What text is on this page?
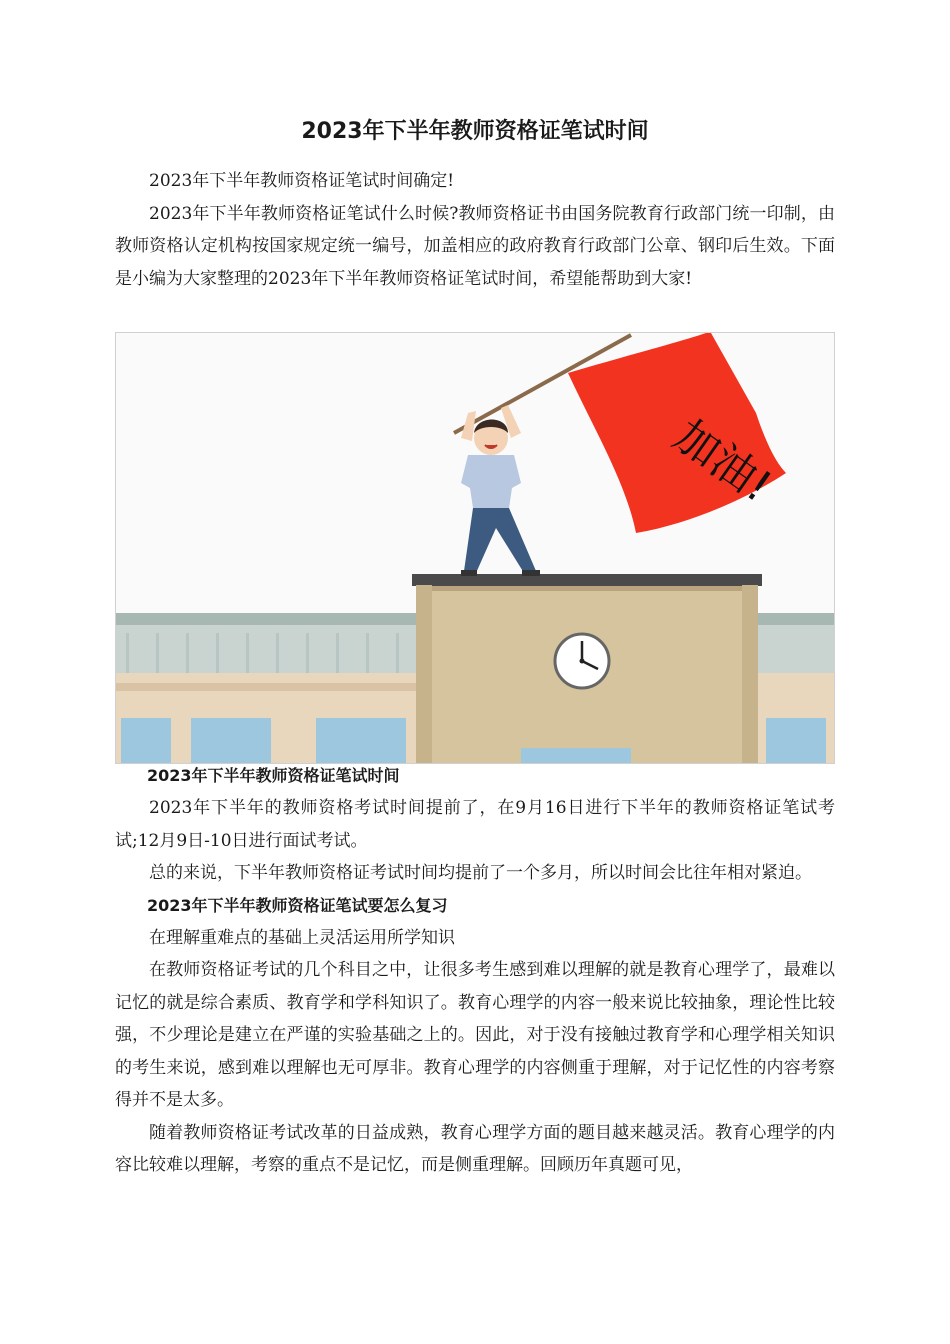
2023年下半年教师资格证笔试时间

2023年下半年教师资格证笔试时间确定!

2023年下半年教师资格证笔试什么时候?教师资格证书由国务院教育行政部门统一印制，由教师资格认定机构按国家规定统一编号，加盖相应的政府教育行政部门公章、钢印后生效。下面是小编为大家整理的2023年下半年教师资格证笔试时间，希望能帮助到大家!

加油!
2023年下半年教师资格证笔试时间

2023年下半年的教师资格考试时间提前了，在9月16日进行下半年的教师资格证笔试考试;12月9日-10日进行面试考试。

总的来说，下半年教师资格证考试时间均提前了一个多月，所以时间会比往年相对紧迫。

2023年下半年教师资格证笔试要怎么复习

在理解重难点的基础上灵活运用所学知识

在教师资格证考试的几个科目之中，让很多考生感到难以理解的就是教育心理学了，最难以记忆的就是综合素质、教育学和学科知识了。教育心理学的内容一般来说比较抽象，理论性比较强，不少理论是建立在严谨的实验基础之上的。因此，对于没有接触过教育学和心理学相关知识的考生来说，感到难以理解也无可厚非。教育心理学的内容侧重于理解，对于记忆性的内容考察得并不是太多。

随着教师资格证考试改革的日益成熟，教育心理学方面的题目越来越灵活。教育心理学的内容比较难以理解，考察的重点不是记忆，而是侧重理解。回顾历年真题可见，
